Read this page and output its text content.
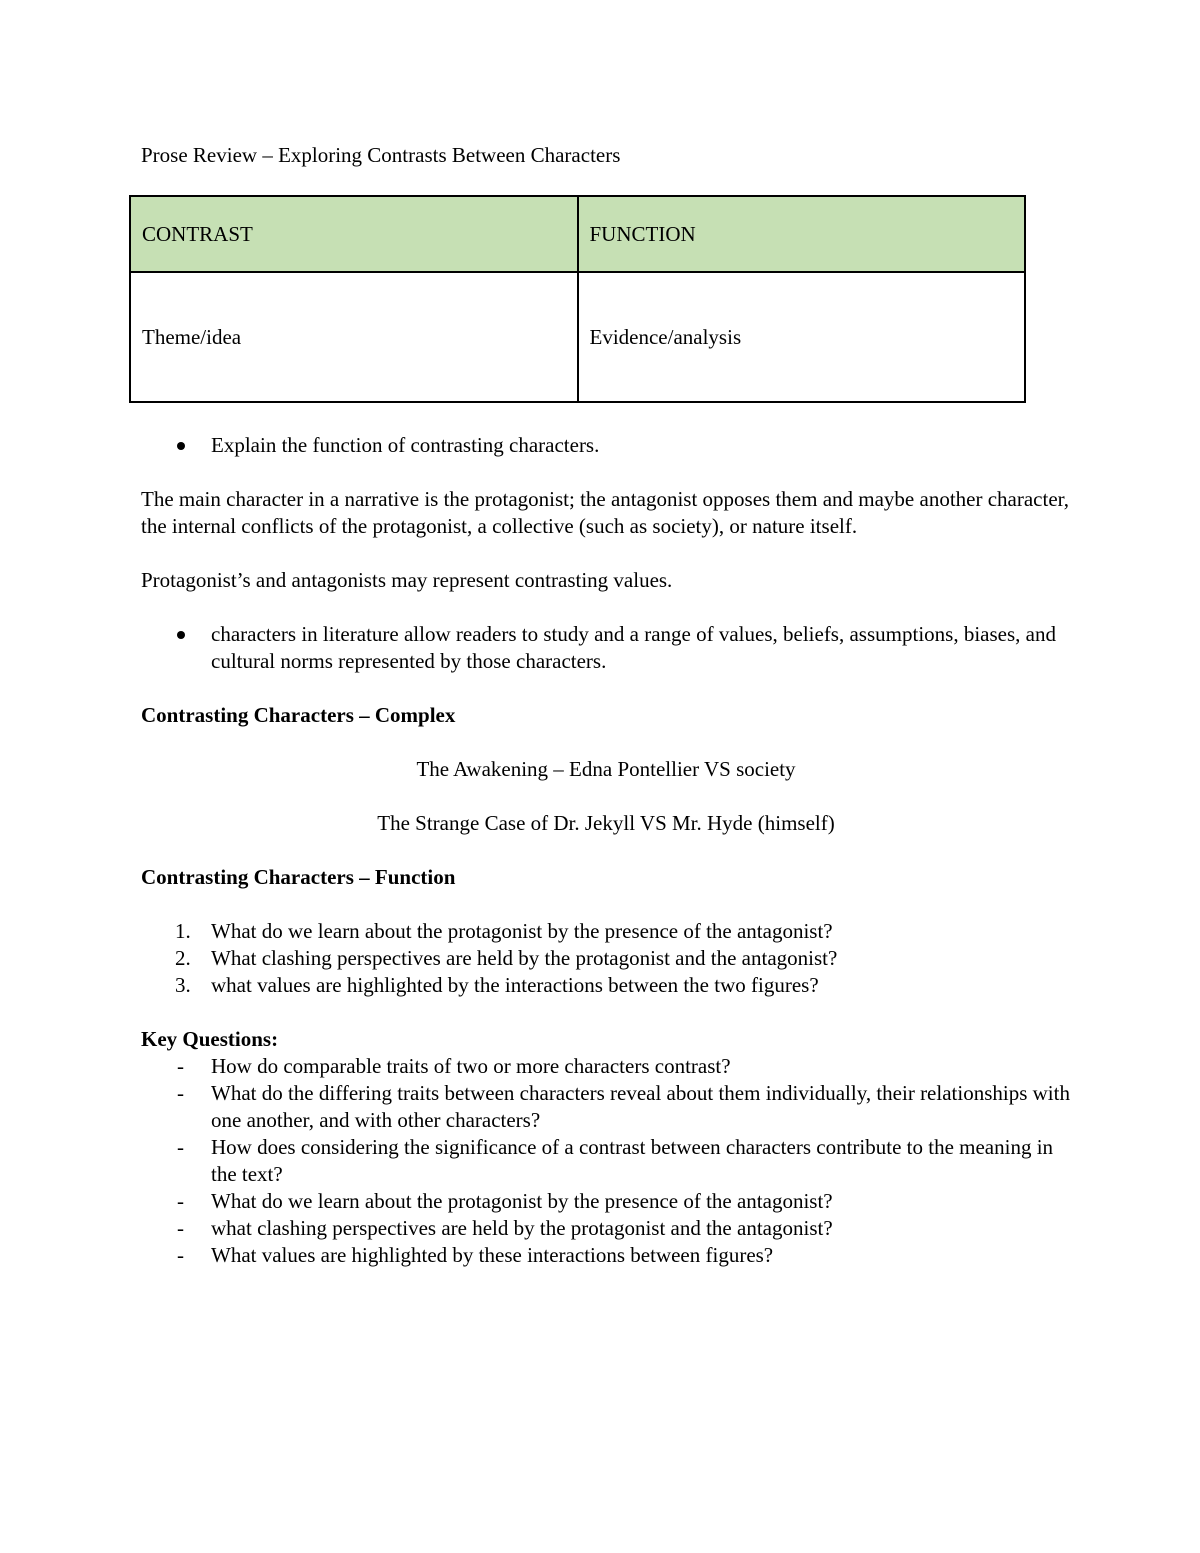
Prose Review – Exploring Contrasts Between Characters

CONTRAST	FUNCTION
Theme/idea	Evidence/analysis
Explain the function of contrasting characters.

The main character in a narrative is the protagonist; the antagonist opposes them and maybe another character, the internal conflicts of the protagonist, a collective (such as society), or nature itself.

Protagonist’s and antagonists may represent contrasting values.

characters in literature allow readers to study and a range of values, beliefs, assumptions, biases, and cultural norms represented by those characters.

Contrasting Characters – Complex

The Awakening – Edna Pontellier VS society

The Strange Case of Dr. Jekyll VS Mr. Hyde (himself)

Contrasting Characters – Function

1. What do we learn about the protagonist by the presence of the antagonist?
2. What clashing perspectives are held by the protagonist and the antagonist?
3. what values are highlighted by the interactions between the two figures?

Key Questions:

- How do comparable traits of two or more characters contrast?
- What do the differing traits between characters reveal about them individually, their relationships with one another, and with other characters?
- How does considering the significance of a contrast between characters contribute to the meaning in the text?
- What do we learn about the protagonist by the presence of the antagonist?
- what clashing perspectives are held by the protagonist and the antagonist?
- What values are highlighted by these interactions between figures?
